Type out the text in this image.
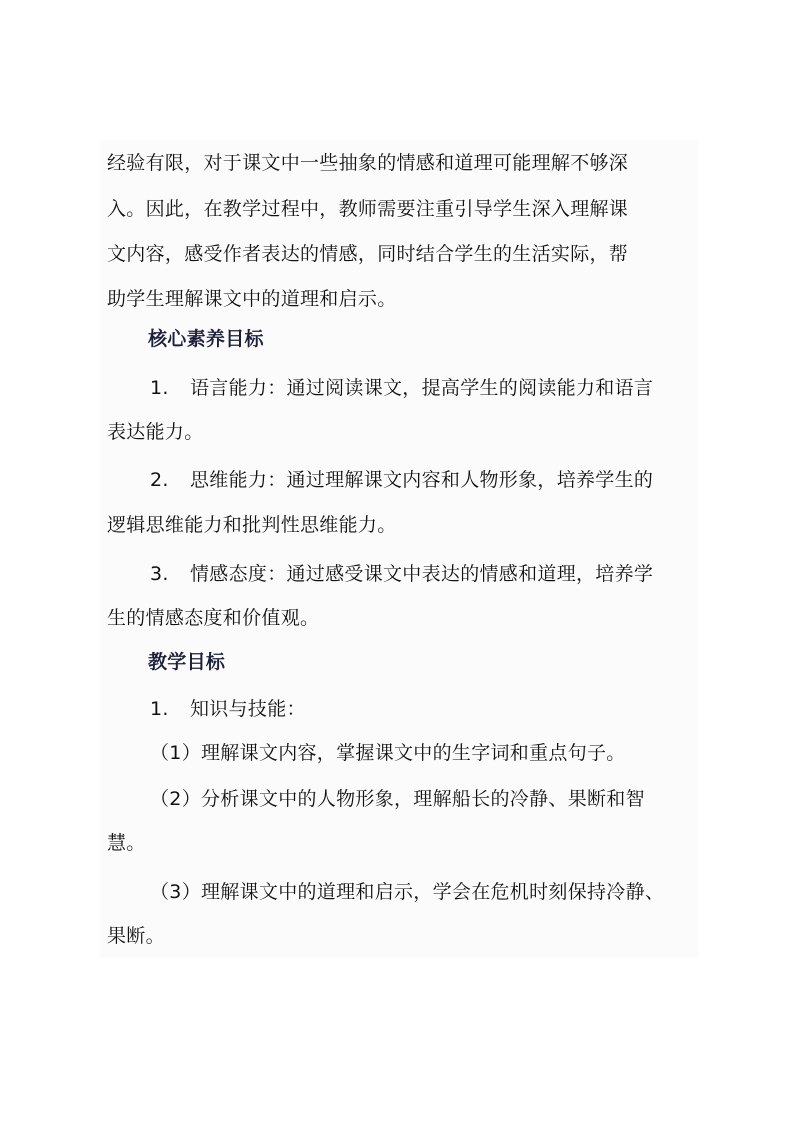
经验有限，对于课文中一些抽象的情感和道理可能理解不够深
入。因此，在教学过程中，教师需要注重引导学生深入理解课
文内容，感受作者表达的情感，同时结合学生的生活实际，帮
助学生理解课文中的道理和启示。
核心素养目标
1. 语言能力：通过阅读课文，提高学生的阅读能力和语言
表达能力。
2. 思维能力：通过理解课文内容和人物形象，培养学生的
逻辑思维能力和批判性思维能力。
3. 情感态度：通过感受课文中表达的情感和道理，培养学
生的情感态度和价值观。
教学目标
1. 知识与技能：
（1）理解课文内容，掌握课文中的生字词和重点句子。
（2）分析课文中的人物形象，理解船长的冷静、果断和智
慧。
（3）理解课文中的道理和启示，学会在危机时刻保持冷静、
果断。
